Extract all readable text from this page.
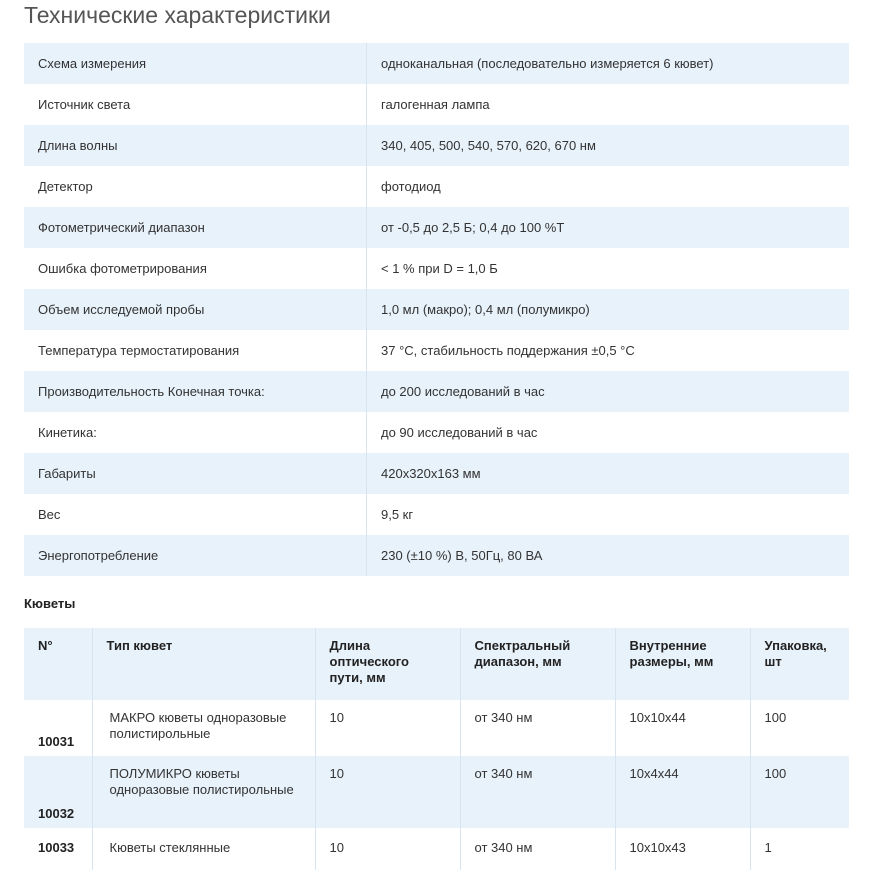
Технические характеристики
Схема измерения	одноканальная (последовательно измеряется 6 кювет)
Источник света	галогенная лампа
Длина волны	340, 405, 500, 540, 570, 620, 670 нм
Детектор	фотодиод
Фотометрический диапазон	от -0,5 до 2,5 Б; 0,4 до 100 %T
Ошибка фотометрирования	< 1 % при D = 1,0 Б
Объем исследуемой пробы	1,0 мл (макро); 0,4 мл (полумикро)
Температура термостатирования	37 °С, стабильность поддержания ±0,5 °С
Производительность Конечная точка:	до 200 исследований в час
Кинетика:	до 90 исследований в час
Габариты	420x320x163 мм
Вес	9,5 кг
Энергопотребление	230 (±10 %) В, 50Гц, 80 ВА
Кюветы
N°	Тип кювет	Длина оптического пути, мм	Спектральный диапазон, мм	Внутренние размеры, мм	Упаковка, шт
10031	МАКРО кюветы одноразовые полистирольные	10	от 340 нм	10x10x44	100
10032	ПОЛУМИКРО кюветы одноразовые полистирольные	10	от 340 нм	10x4x44	100
10033	Кюветы стеклянные	10	от 340 нм	10x10x43	1
